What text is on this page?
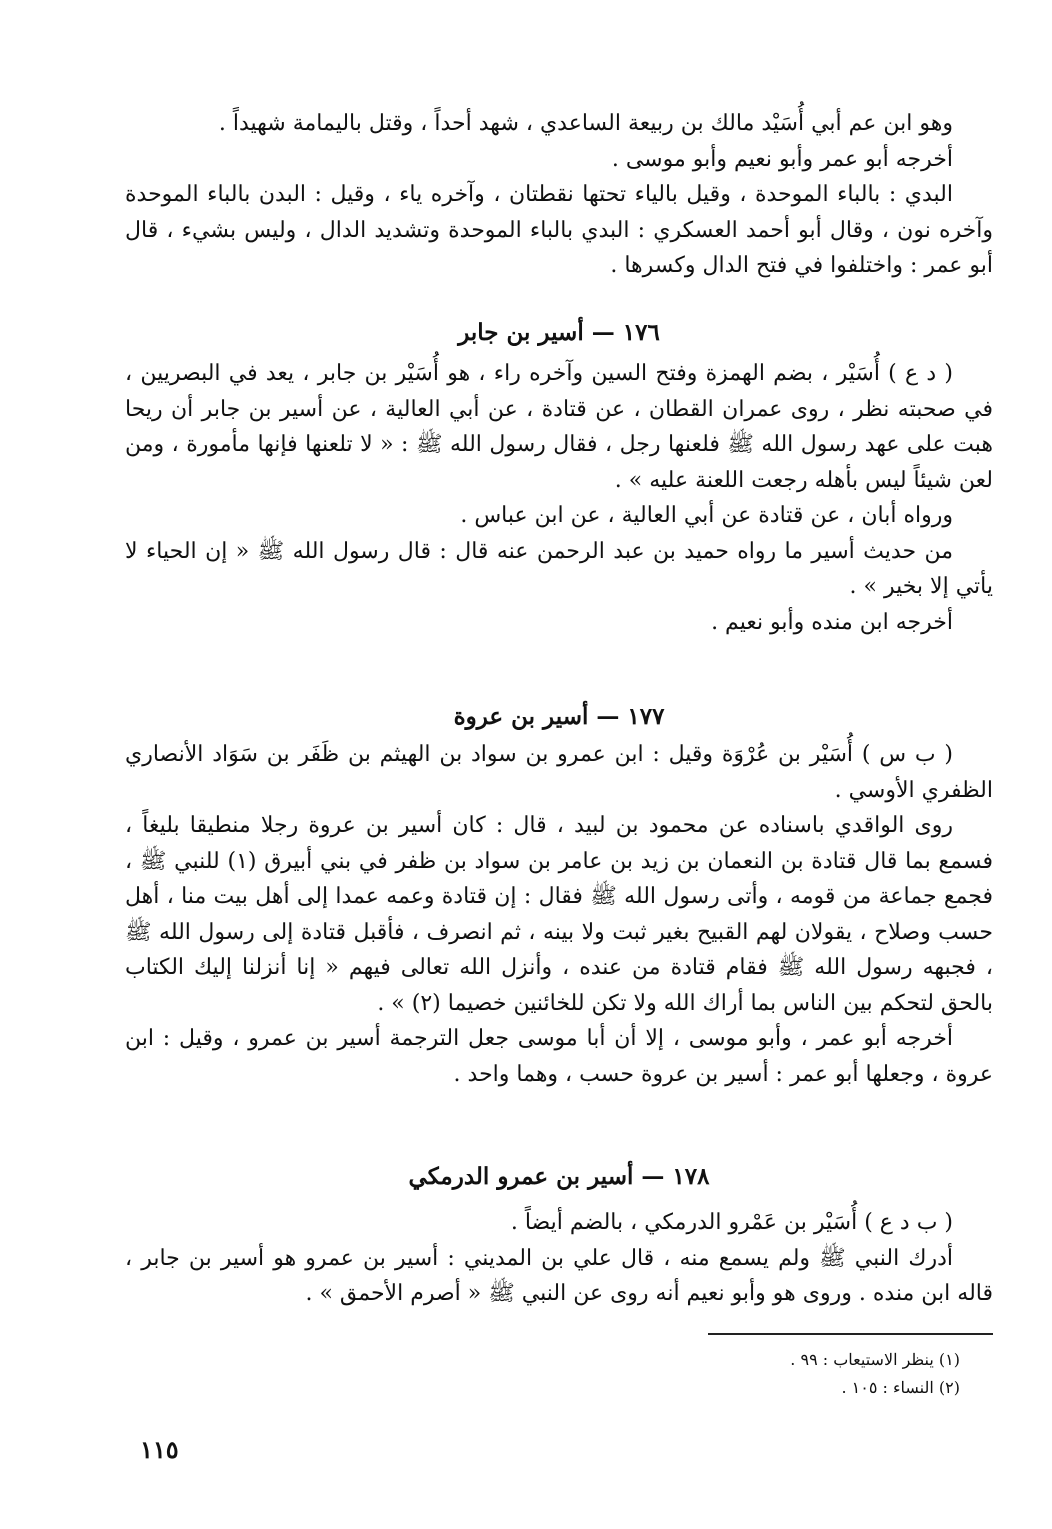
وهو ابن عم أبي أُسَيْد مالك بن ربيعة الساعدي ، شهد أحداً ، وقتل باليمامة شهيداً .

أخرجه أبو عمر وأبو نعيم وأبو موسى .

البدي : بالباء الموحدة ، وقيل بالياء تحتها نقطتان ، وآخره ياء ، وقيل : البدن بالباء الموحدة وآخره نون ، وقال أبو أحمد العسكري : البدي بالباء الموحدة وتشديد الدال ، وليس بشيء ، قال أبو عمر : واختلفوا في فتح الدال وكسرها .

١٧٦ — أسير بن جابر

( د ع ) أُسَيْر ، بضم الهمزة وفتح السين وآخره راء ، هو أُسَيْر بن جابر ، يعد في البصريين ، في صحبته نظر ، روى عمران القطان ، عن قتادة ، عن أبي العالية ، عن أسير بن جابر أن ريحا هبت على عهد رسول الله ﷺ فلعنها رجل ، فقال رسول الله ﷺ : « لا تلعنها فإنها مأمورة ، ومن لعن شيئاً ليس بأهله رجعت اللعنة عليه » .

ورواه أبان ، عن قتادة عن أبي العالية ، عن ابن عباس .

من حديث أسير ما رواه حميد بن عبد الرحمن عنه قال : قال رسول الله ﷺ « إن الحياء لا يأتي إلا بخير » .

أخرجه ابن منده وأبو نعيم .

١٧٧ — أسير بن عروة

( ب س ) أُسَيْر بن عُرْوَة وقيل : ابن عمرو بن سواد بن الهيثم بن ظَفَر بن سَوَاد الأنصاري الظفري الأوسي .

روى الواقدي باسناده عن محمود بن لبيد ، قال : كان أسير بن عروة رجلا منطيقا بليغاً ، فسمع بما قال قتادة بن النعمان بن زيد بن عامر بن سواد بن ظفر في بني أبيرق (١) للنبي ﷺ ، فجمع جماعة من قومه ، وأتى رسول الله ﷺ فقال : إن قتادة وعمه عمدا إلى أهل بيت منا ، أهل حسب وصلاح ، يقولان لهم القبيح بغير ثبت ولا بينه ، ثم انصرف ، فأقبل قتادة إلى رسول الله ﷺ ، فجبهه رسول الله ﷺ فقام قتادة من عنده ، وأنزل الله تعالى فيهم « إنا أنزلنا إليك الكتاب بالحق لتحكم بين الناس بما أراك الله ولا تكن للخائنين خصيما (٢) » .

أخرجه أبو عمر ، وأبو موسى ، إلا أن أبا موسى جعل الترجمة أسير بن عمرو ، وقيل : ابن عروة ، وجعلها أبو عمر : أسير بن عروة حسب ، وهما واحد .

١٧٨ — أسير بن عمرو الدرمكي

( ب د ع ) أُسَيْر بن عَمْرو الدرمكي ، بالضم أيضاً .

أدرك النبي ﷺ ولم يسمع منه ، قال علي بن المديني : أسير بن عمرو هو أسير بن جابر ، قاله ابن منده . وروى هو وأبو نعيم أنه روى عن النبي ﷺ « أصرم الأحمق » .

(١) ينظر الاستيعاب : ٩٩ .

(٢) النساء : ١٠٥ .

١١٥
